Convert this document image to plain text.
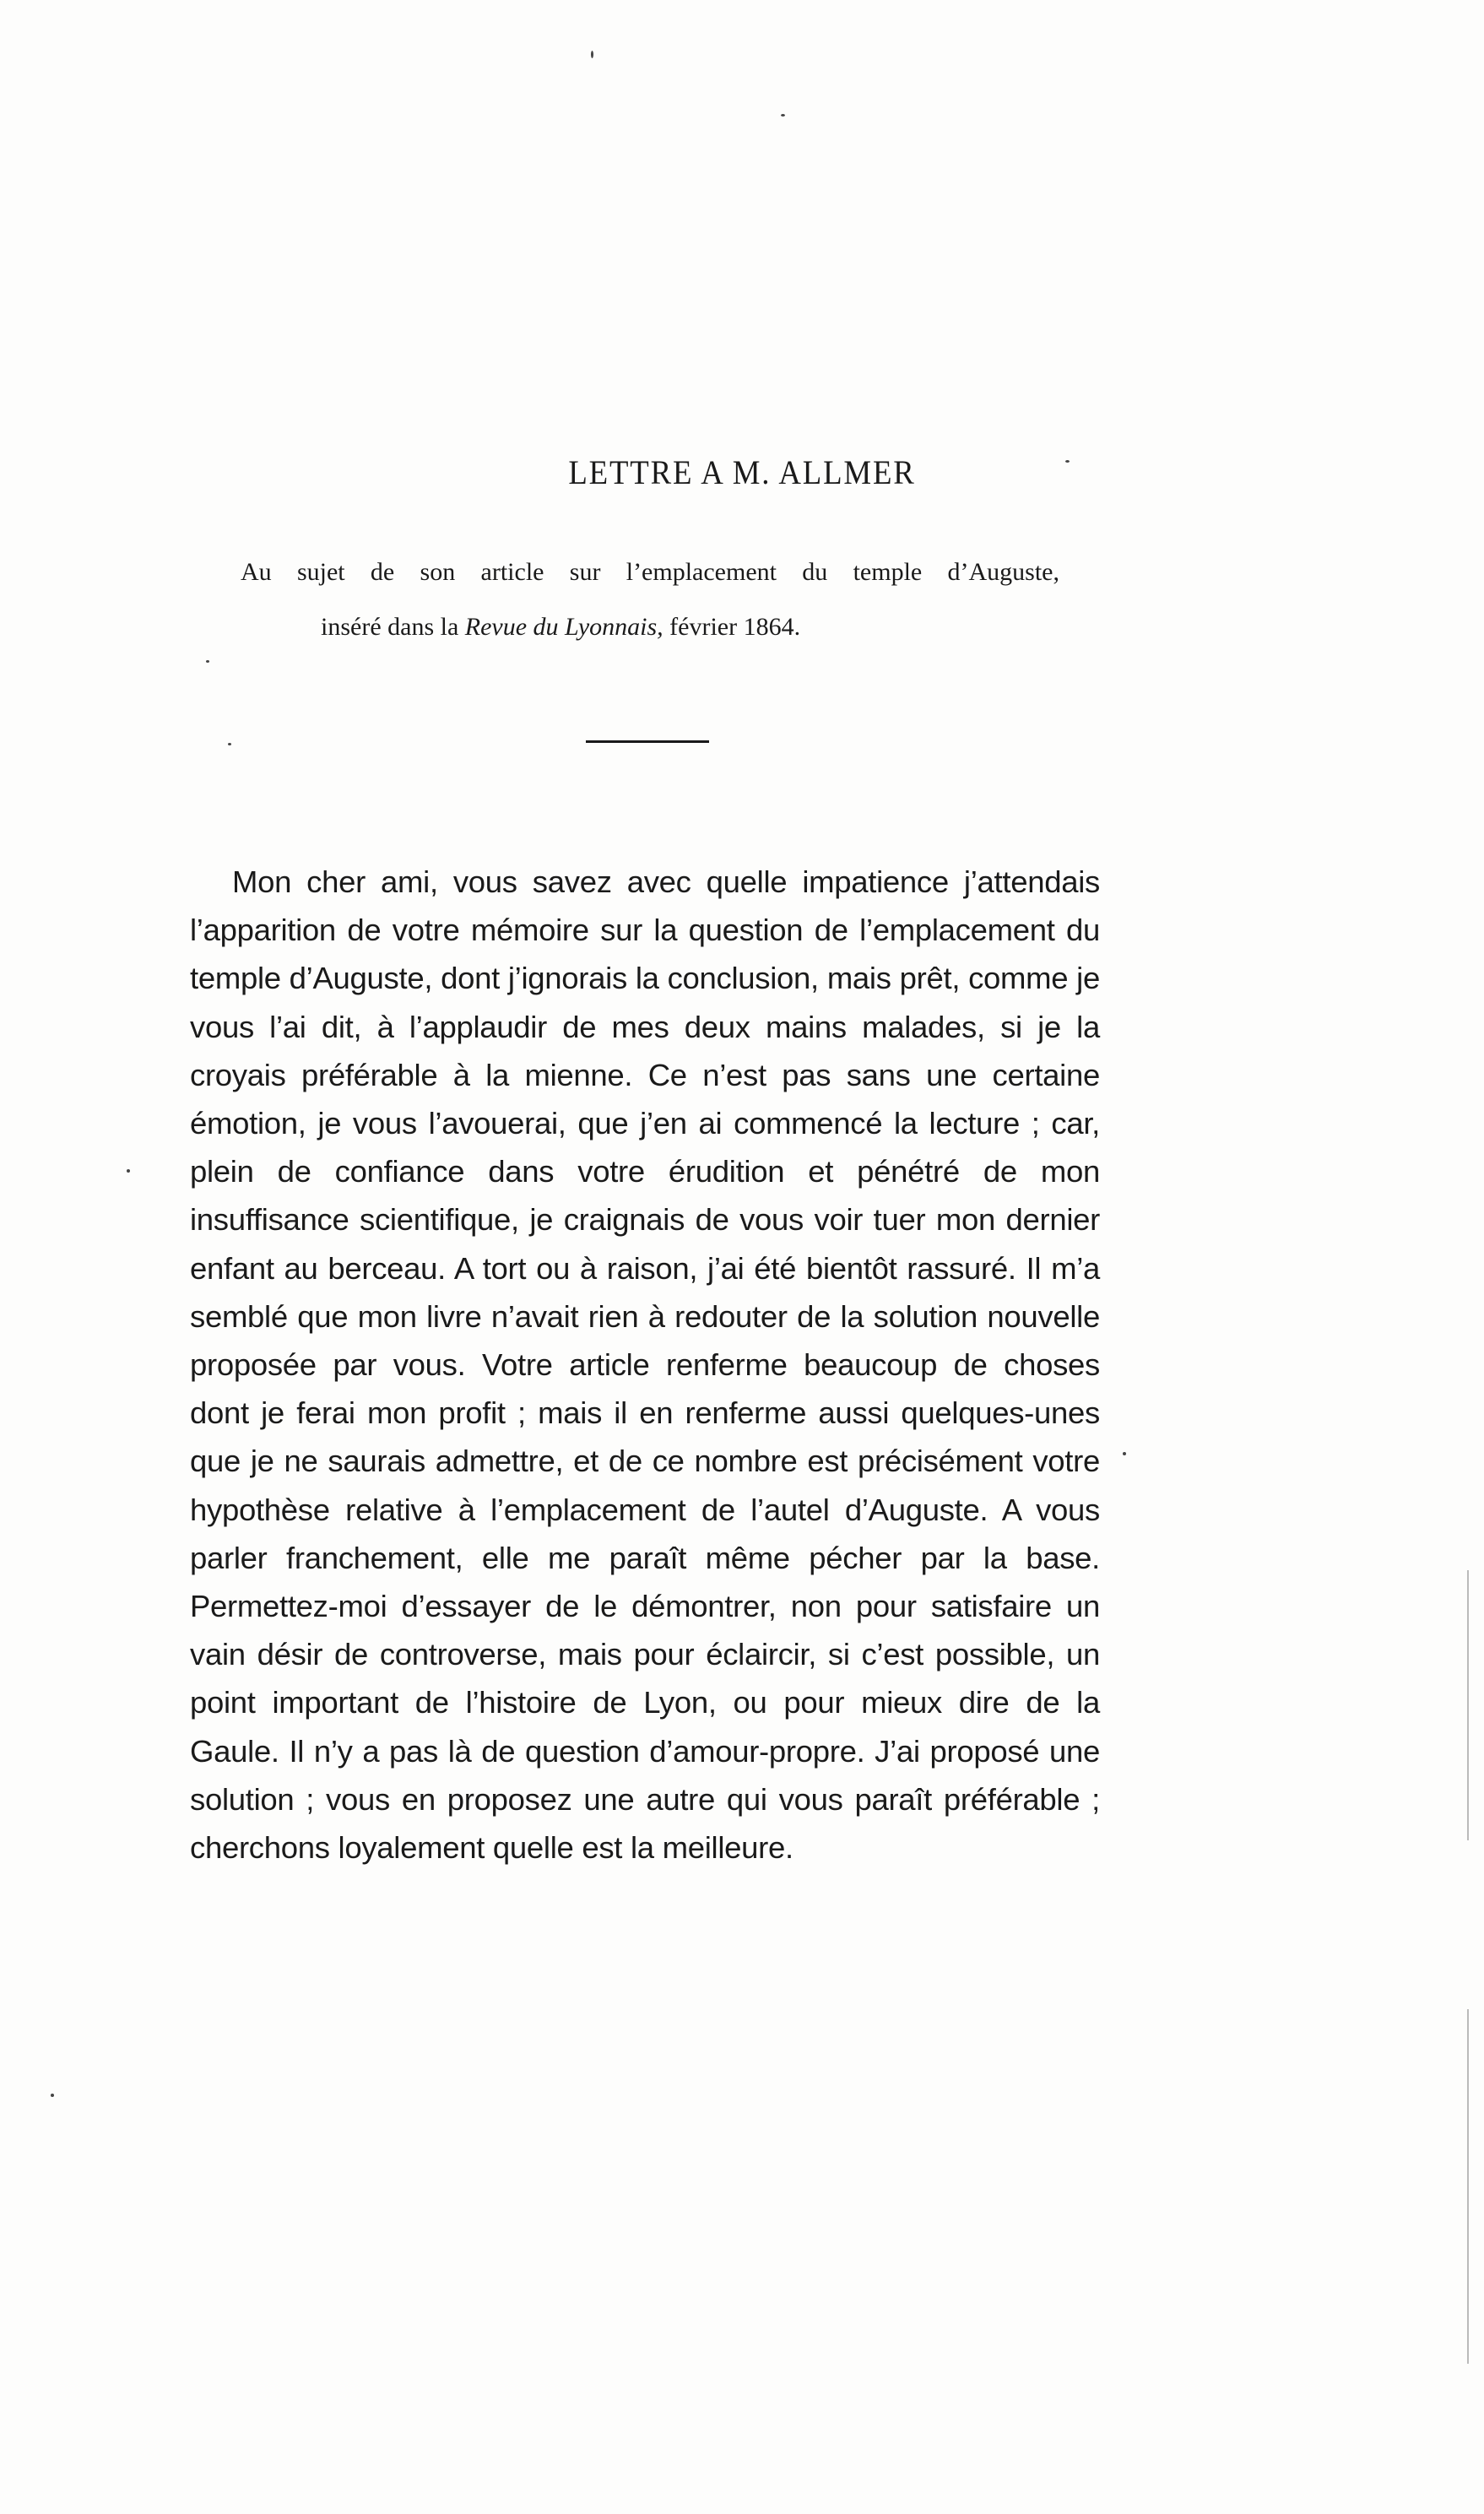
LETTRE A M. ALLMER
Au sujet de son article sur l’emplacement du temple d’Auguste,
inséré dans la Revue du Lyonnais, février 1864.

Mon cher ami, vous savez avec quelle impatience j’attendais l’apparition de votre mémoire sur la question de l’emplacement du temple d’Auguste, dont j’ignorais la conclusion, mais prêt, comme je vous l’ai dit, à l’applaudir de mes deux mains malades, si je la croyais préférable à la mienne. Ce n’est pas sans une certaine émotion, je vous l’avouerai, que j’en ai commencé la lecture ; car, plein de confiance dans votre érudition et pénétré de mon insuffisance scientifique, je craignais de vous voir tuer mon dernier enfant au berceau. A tort ou à raison, j’ai été bientôt rassuré. Il m’a semblé que mon livre n’avait rien à redouter de la solution nouvelle proposée par vous. Votre article renferme beaucoup de choses dont je ferai mon profit ; mais il en renferme aussi quelques-unes que je ne saurais admettre, et de ce nombre est précisément votre hypothèse relative à l’emplacement de l’autel d’Auguste. A vous parler franchement, elle me paraît même pécher par la base. Permettez-moi d’essayer de le démontrer, non pour satisfaire un vain désir de controverse, mais pour éclaircir, si c’est possible, un point important de l’histoire de Lyon, ou pour mieux dire de la Gaule. Il n’y a pas là de question d’amour-propre. J’ai proposé une solution ; vous en proposez une autre qui vous paraît préférable ; cherchons loyalement quelle est la meilleure.
